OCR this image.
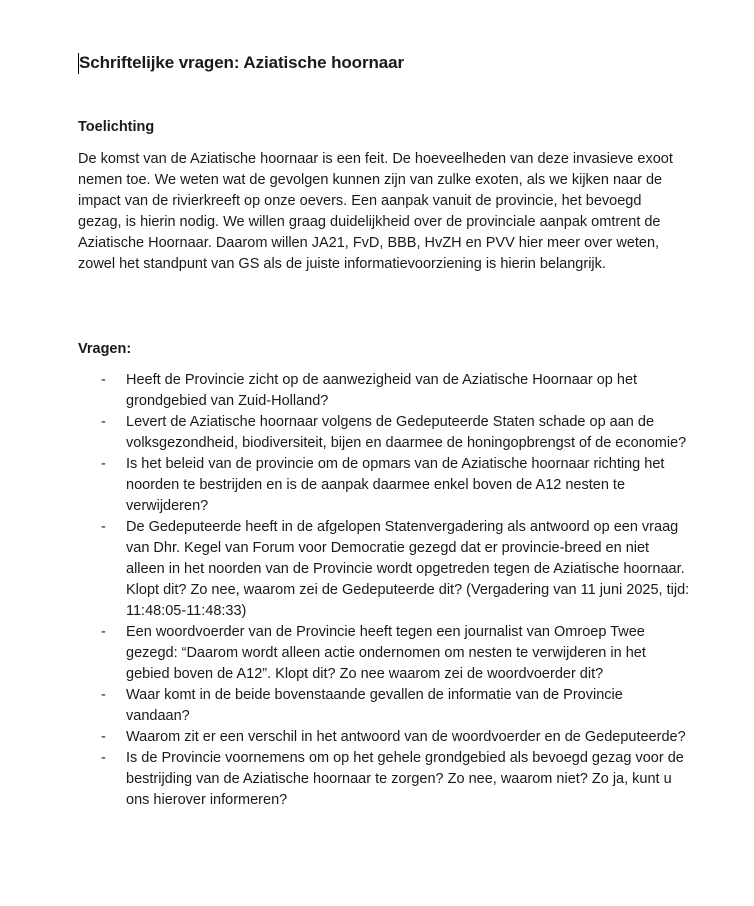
Schriftelijke vragen: Aziatische hoornaar
Toelichting

De komst van de Aziatische hoornaar is een feit. De hoeveelheden van deze invasieve exoot nemen toe. We weten wat de gevolgen kunnen zijn van zulke exoten, als we kijken naar de impact van de rivierkreeft op onze oevers. Een aanpak vanuit de provincie, het bevoegd gezag, is hierin nodig. We willen graag duidelijkheid over de provinciale aanpak omtrent de Aziatische Hoornaar. Daarom willen JA21, FvD, BBB, HvZH en PVV hier meer over weten, zowel het standpunt van GS als de juiste informatievoorziening is hierin belangrijk.

Vragen:
- Heeft de Provincie zicht op de aanwezigheid van de Aziatische Hoornaar op het grondgebied van Zuid-Holland?
- Levert de Aziatische hoornaar volgens de Gedeputeerde Staten schade op aan de volksgezondheid, biodiversiteit, bijen en daarmee de honingopbrengst of de economie?
- Is het beleid van de provincie om de opmars van de Aziatische hoornaar richting het noorden te bestrijden en is de aanpak daarmee enkel boven de A12 nesten te verwijderen?
- De Gedeputeerde heeft in de afgelopen Statenvergadering als antwoord op een vraag van Dhr. Kegel van Forum voor Democratie gezegd dat er provincie-breed en niet alleen in het noorden van de Provincie wordt opgetreden tegen de Aziatische hoornaar. Klopt dit? Zo nee, waarom zei de Gedeputeerde dit? (Vergadering van 11 juni 2025, tijd: 11:48:05-11:48:33)
- Een woordvoerder van de Provincie heeft tegen een journalist van Omroep Twee gezegd: “Daarom wordt alleen actie ondernomen om nesten te verwijderen in het gebied boven de A12”. Klopt dit? Zo nee waarom zei de woordvoerder dit?
- Waar komt in de beide bovenstaande gevallen de informatie van de Provincie vandaan?
- Waarom zit er een verschil in het antwoord van de woordvoerder en de Gedeputeerde?
- Is de Provincie voornemens om op het gehele grondgebied als bevoegd gezag voor de bestrijding van de Aziatische hoornaar te zorgen? Zo nee, waarom niet? Zo ja, kunt u ons hierover informeren?
